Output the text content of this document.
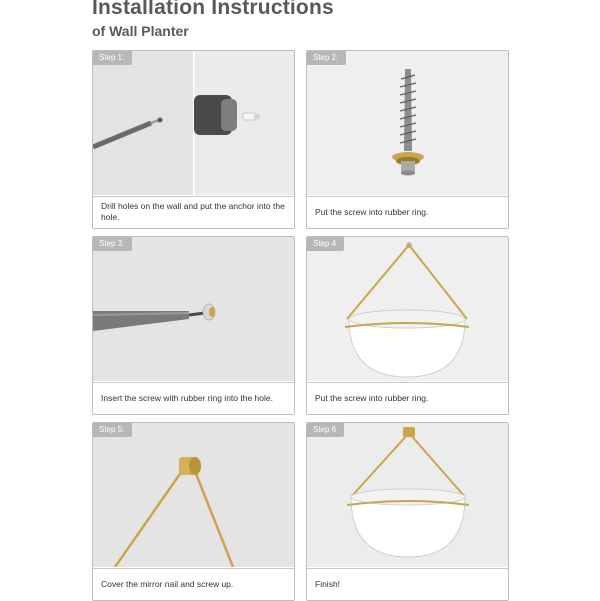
Installation Instructions
of Wall Planter
Step 1:
Drill holes on the wall and put the anchor into the hole.
Step 2:
Put the screw into rubber ring.
Step 3:
Insert the screw with rubber ring into the hole.
Step 4
Put the screw into rubber ring.
Step 5:
Cover the mirror nail and screw up.
Step 6
Finish!
